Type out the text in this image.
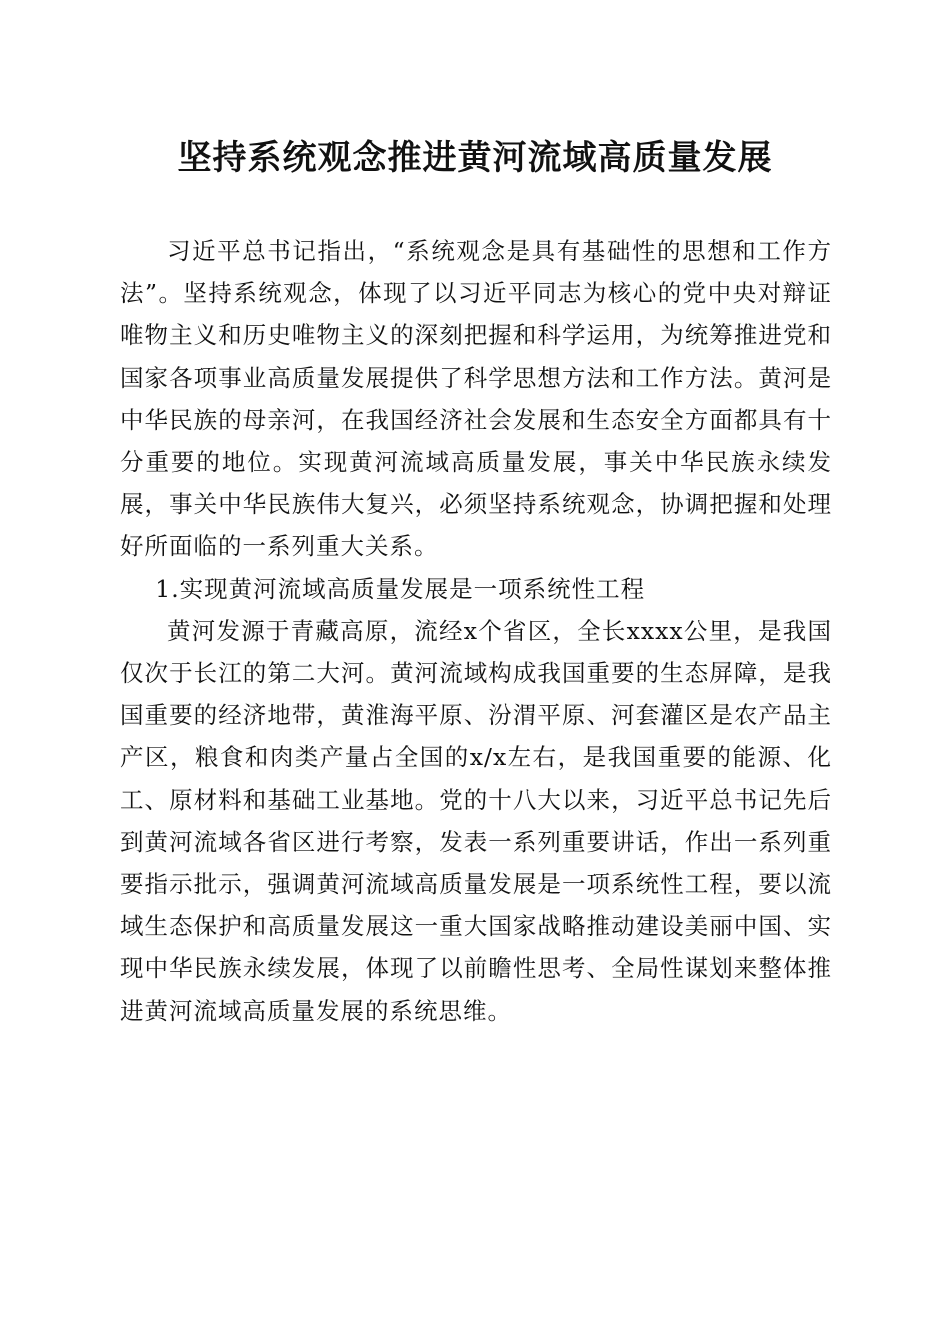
坚持系统观念推进黄河流域高质量发展

习近平总书记指出，“系统观念是具有基础性的思想和工作方法”。坚持系统观念，体现了以习近平同志为核心的党中央对辩证唯物主义和历史唯物主义的深刻把握和科学运用，为统筹推进党和国家各项事业高质量发展提供了科学思想方法和工作方法。黄河是中华民族的母亲河，在我国经济社会发展和生态安全方面都具有十分重要的地位。实现黄河流域高质量发展，事关中华民族永续发展，事关中华民族伟大复兴，必须坚持系统观念，协调把握和处理好所面临的一系列重大关系。

1.实现黄河流域高质量发展是一项系统性工程

黄河发源于青藏高原，流经x个省区，全长xxxx公里，是我国仅次于长江的第二大河。黄河流域构成我国重要的生态屏障，是我国重要的经济地带，黄淮海平原、汾渭平原、河套灌区是农产品主产区，粮食和肉类产量占全国的x/x左右，是我国重要的能源、化工、原材料和基础工业基地。党的十八大以来，习近平总书记先后到黄河流域各省区进行考察，发表一系列重要讲话，作出一系列重要指示批示，强调黄河流域高质量发展是一项系统性工程，要以流域生态保护和高质量发展这一重大国家战略推动建设美丽中国、实现中华民族永续发展，体现了以前瞻性思考、全局性谋划来整体推进黄河流域高质量发展的系统思维。
